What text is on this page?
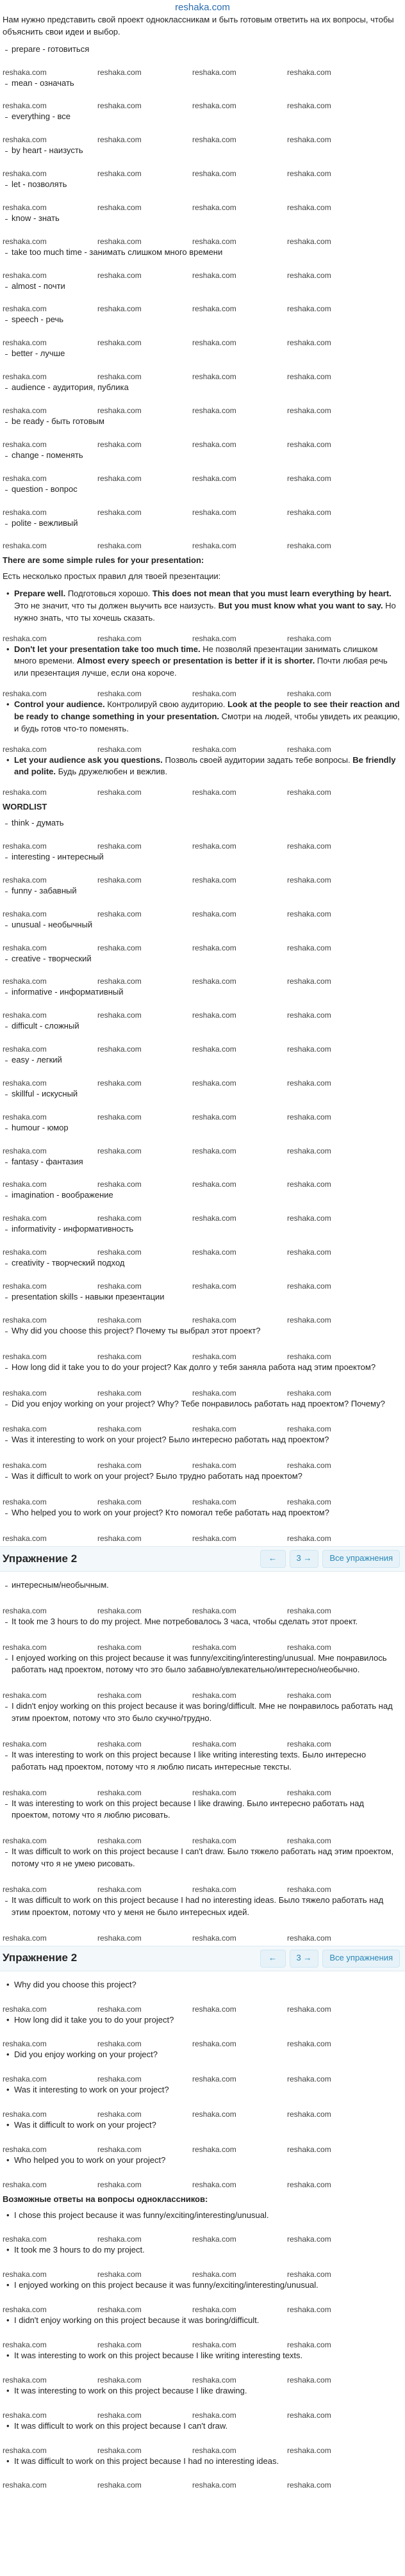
reshaka.com

Нам нужно представить свой проект одноклассникам и быть готовым ответить на их вопросы, чтобы объяснить свои идеи и выбор.

prepare - готовиться

reshaka.com	reshaka.com	reshaka.com	reshaka.com

mean - означать

reshaka.com	reshaka.com	reshaka.com	reshaka.com

everything - все

reshaka.com	reshaka.com	reshaka.com	reshaka.com

by heart - наизусть

reshaka.com	reshaka.com	reshaka.com	reshaka.com

let - позволять

reshaka.com	reshaka.com	reshaka.com	reshaka.com

know - знать

reshaka.com	reshaka.com	reshaka.com	reshaka.com

take too much time - занимать слишком много времени

reshaka.com	reshaka.com	reshaka.com	reshaka.com

almost - почти

reshaka.com	reshaka.com	reshaka.com	reshaka.com

speech - речь

reshaka.com	reshaka.com	reshaka.com	reshaka.com

better - лучше

reshaka.com	reshaka.com	reshaka.com	reshaka.com

audience - аудитория, публика

reshaka.com	reshaka.com	reshaka.com	reshaka.com

be ready - быть готовым

reshaka.com	reshaka.com	reshaka.com	reshaka.com

change - поменять

reshaka.com	reshaka.com	reshaka.com	reshaka.com

question - вопрос

reshaka.com	reshaka.com	reshaka.com	reshaka.com

polite - вежливый

reshaka.com	reshaka.com	reshaka.com	reshaka.com

There are some simple rules for your presentation:

Есть несколько простых правил для твоей презентации:

• Prepare well. Подготовься хорошо. This does not mean that you must learn everything by heart. Это не значит, что ты должен выучить все наизусть. But you must know what you want to say. Но нужно знать, что ты хочешь сказать.

reshaka.com	reshaka.com	reshaka.com	reshaka.com

• Don't let your presentation take too much time. Не позволяй презентации занимать слишком много времени. Almost every speech or presentation is better if it is shorter. Почти любая речь или презентация лучше, если она короче.

reshaka.com	reshaka.com	reshaka.com	reshaka.com

• Control your audience. Контролируй свою аудиторию. Look at the people to see their reaction and be ready to change something in your presentation. Смотри на людей, чтобы увидеть их реакцию, и будь готов что-то поменять.

reshaka.com	reshaka.com	reshaka.com	reshaka.com

• Let your audience ask you questions. Позволь своей аудитории задать тебе вопросы. Be friendly and polite. Будь дружелюбен и вежлив.

reshaka.com	reshaka.com	reshaka.com	reshaka.com

WORDLIST

think - думать

reshaka.com	reshaka.com	reshaka.com	reshaka.com

interesting - интересный

reshaka.com	reshaka.com	reshaka.com	reshaka.com

funny - забавный

reshaka.com	reshaka.com	reshaka.com	reshaka.com

unusual - необычный

reshaka.com	reshaka.com	reshaka.com	reshaka.com

creative - творческий

reshaka.com	reshaka.com	reshaka.com	reshaka.com

informative - информативный

reshaka.com	reshaka.com	reshaka.com	reshaka.com

difficult - сложный

reshaka.com	reshaka.com	reshaka.com	reshaka.com

easy - легкий

reshaka.com	reshaka.com	reshaka.com	reshaka.com

skillful - искусный

reshaka.com	reshaka.com	reshaka.com	reshaka.com

humour - юмор

reshaka.com	reshaka.com	reshaka.com	reshaka.com

fantasy - фантазия

reshaka.com	reshaka.com	reshaka.com	reshaka.com

imagination - воображение

reshaka.com	reshaka.com	reshaka.com	reshaka.com

informativity - информативность

reshaka.com	reshaka.com	reshaka.com	reshaka.com

creativity - творческий подход

reshaka.com	reshaka.com	reshaka.com	reshaka.com

presentation skills - навыки презентации

reshaka.com	reshaka.com	reshaka.com	reshaka.com

Why did you choose this project? Почему ты выбрал этот проект?

reshaka.com	reshaka.com	reshaka.com	reshaka.com

How long did it take you to do your project? Как долго у тебя заняла работа над этим проектом?

reshaka.com	reshaka.com	reshaka.com	reshaka.com

Did you enjoy working on your project? Why? Тебе понравилось работать над проектом? Почему?

reshaka.com	reshaka.com	reshaka.com	reshaka.com

Was it interesting to work on your project? Было интересно работать над проектом?

reshaka.com	reshaka.com	reshaka.com	reshaka.com

Was it difficult to work on your project? Было трудно работать над проектом?

reshaka.com	reshaka.com	reshaka.com	reshaka.com

Who helped you to work on your project? Кто помогал тебе работать над проектом?

reshaka.com	reshaka.com	reshaka.com	reshaka.com
Упражнение 2	← 3
→	Все упражнения

интересным/необычным.

reshaka.com	reshaka.com	reshaka.com	reshaka.com

It took me 3 hours to do my project. Мне потребовалось 3 часа, чтобы сделать этот проект.

reshaka.com	reshaka.com	reshaka.com	reshaka.com

I enjoyed working on this project because it was funny/exciting/interesting/unusual. Мне понравилось работать над проектом, потому что это было забавно/увлекательно/интересно/необычно.

reshaka.com	reshaka.com	reshaka.com	reshaka.com

I didn't enjoy working on this project because it was boring/difficult. Мне не понравилось работать над этим проектом, потому что это было скучно/трудно.

reshaka.com	reshaka.com	reshaka.com	reshaka.com

It was interesting to work on this project because I like writing interesting texts. Было интересно работать над проектом, потому что я люблю писать интересные тексты.

reshaka.com	reshaka.com	reshaka.com	reshaka.com

It was interesting to work on this project because I like drawing. Было интересно работать над проектом, потому что я люблю рисовать.

reshaka.com	reshaka.com	reshaka.com	reshaka.com

It was difficult to work on this project because I can't draw. Было тяжело работать над этим проектом, потому что я не умею рисовать.

reshaka.com	reshaka.com	reshaka.com	reshaka.com

It was difficult to work on this project because I had no interesting ideas. Было тяжело работать над этим проектом, потому что у меня не было интересных идей.

reshaka.com	reshaka.com	reshaka.com	reshaka.com
Упражнение 2	← 3
→	Все упражнения

• Why did you choose this project?

reshaka.com	reshaka.com	reshaka.com	reshaka.com

• How long did it take you to do your project?

reshaka.com	reshaka.com	reshaka.com	reshaka.com

• Did you enjoy working on your project?

reshaka.com	reshaka.com	reshaka.com	reshaka.com

• Was it interesting to work on your project?

reshaka.com	reshaka.com	reshaka.com	reshaka.com

• Was it difficult to work on your project?

reshaka.com	reshaka.com	reshaka.com	reshaka.com

• Who helped you to work on your project?

reshaka.com	reshaka.com	reshaka.com	reshaka.com

Возможные ответы на вопросы одноклассников:

• I chose this project because it was funny/exciting/interesting/unusual.

reshaka.com	reshaka.com	reshaka.com	reshaka.com

• It took me 3 hours to do my project.

reshaka.com	reshaka.com	reshaka.com	reshaka.com

• I enjoyed working on this project because it was funny/exciting/interesting/unusual.

reshaka.com	reshaka.com	reshaka.com	reshaka.com

• I didn't enjoy working on this project because it was boring/difficult.

reshaka.com	reshaka.com	reshaka.com	reshaka.com

• It was interesting to work on this project because I like writing interesting texts.

reshaka.com	reshaka.com	reshaka.com	reshaka.com

• It was interesting to work on this project because I like drawing.

reshaka.com	reshaka.com	reshaka.com	reshaka.com

• It was difficult to work on this project because I can't draw.

reshaka.com	reshaka.com	reshaka.com	reshaka.com

• It was difficult to work on this project because I had no interesting ideas.

reshaka.com	reshaka.com	reshaka.com	reshaka.com
